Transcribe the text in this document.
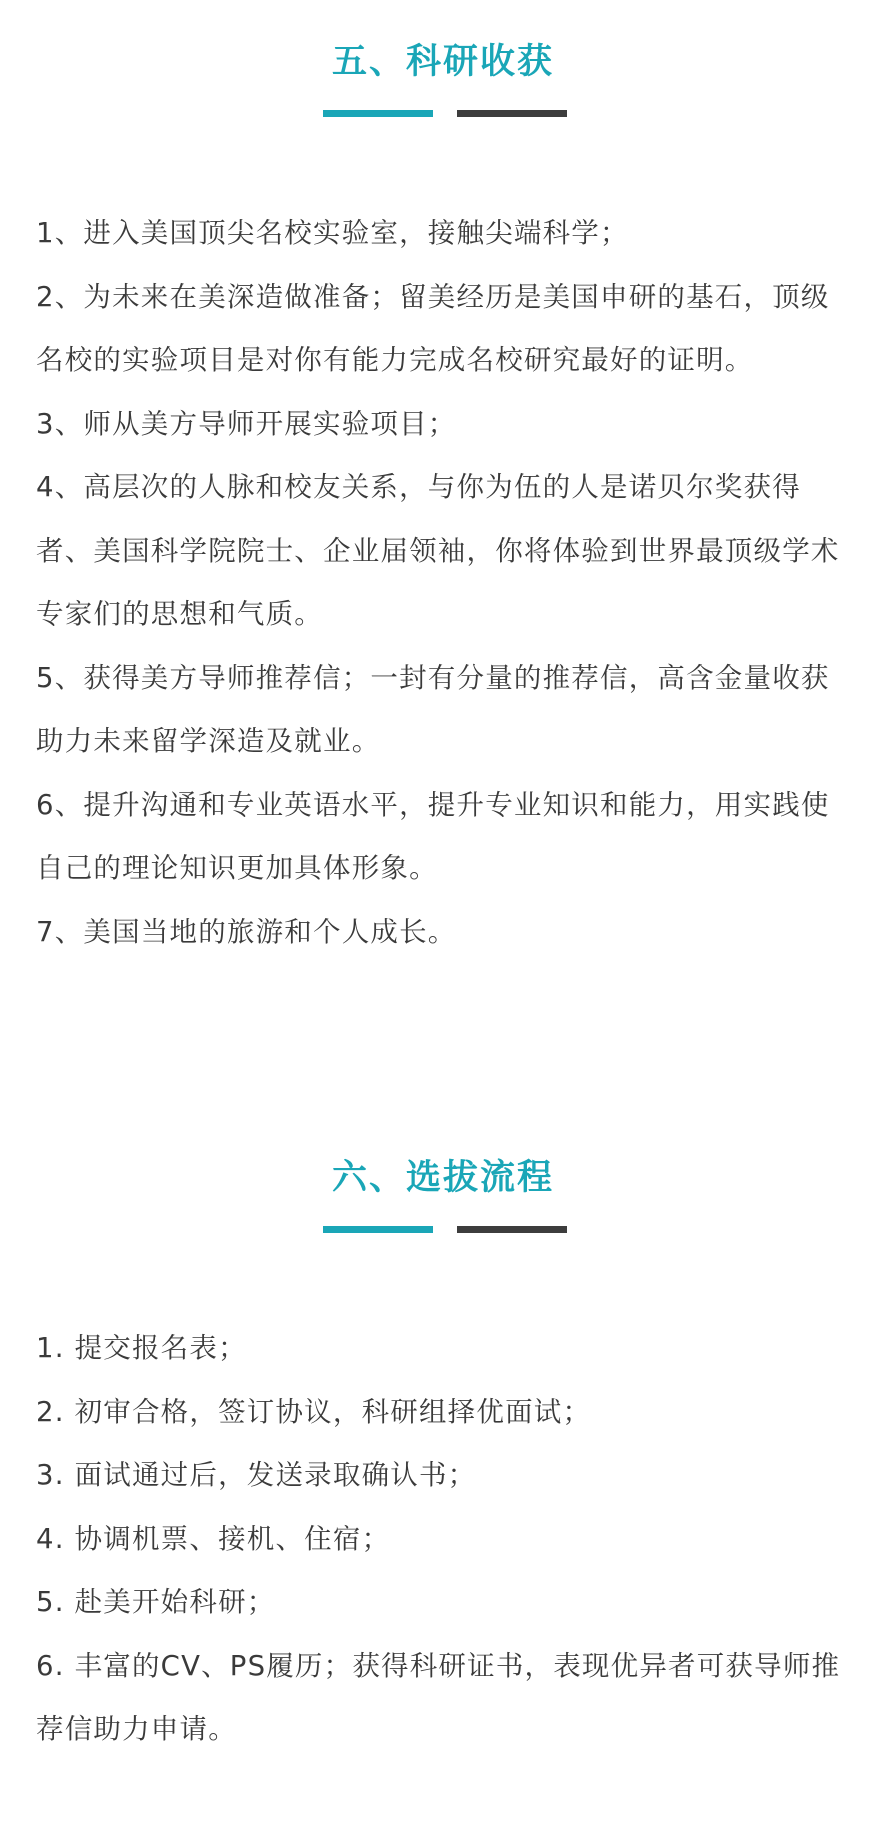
五、科研收获

1、进入美国顶尖名校实验室，接触尖端科学；

2、为未来在美深造做准备；留美经历是美国申研的基石，顶级名校的实验项目是对你有能力完成名校研究最好的证明。

3、师从美方导师开展实验项目；

4、高层次的人脉和校友关系，与你为伍的人是诺贝尔奖获得者、美国科学院院士、企业届领袖，你将体验到世界最顶级学术专家们的思想和气质。

5、获得美方导师推荐信；一封有分量的推荐信，高含金量收获助力未来留学深造及就业。

6、提升沟通和专业英语水平，提升专业知识和能力，用实践使自己的理论知识更加具体形象。

7、美国当地的旅游和个人成长。

六、选拔流程

1. 提交报名表；

2. 初审合格，签订协议，科研组择优面试；

3. 面试通过后，发送录取确认书；

4. 协调机票、接机、住宿；

5. 赴美开始科研；

6. 丰富的CV、PS履历；获得科研证书，表现优异者可获导师推荐信助力申请。
